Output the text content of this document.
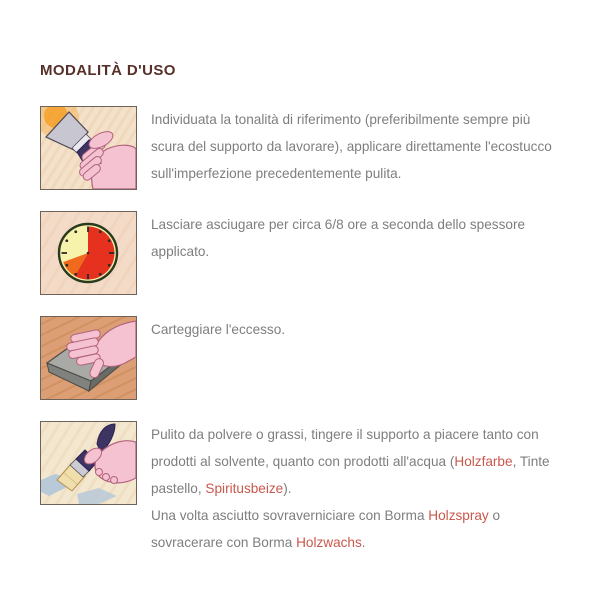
MODALITÀ D'USO

Individuata la tonalità di riferimento (preferibilmente sempre più scura del supporto da lavorare), applicare direttamente l'ecostucco sull'imperfezione precedentemente pulita.

Lasciare asciugare per circa 6/8 ore a seconda dello spessore applicato.

Carteggiare l'eccesso.

Pulito da polvere o grassi, tingere il supporto a piacere tanto con prodotti al solvente, quanto con prodotti all'acqua (Holzfarbe, Tinte pastello, Spiritusbeize).
Una volta asciutto sovraverniciare con Borma Holzspray o sovracerare con Borma Holzwachs.
